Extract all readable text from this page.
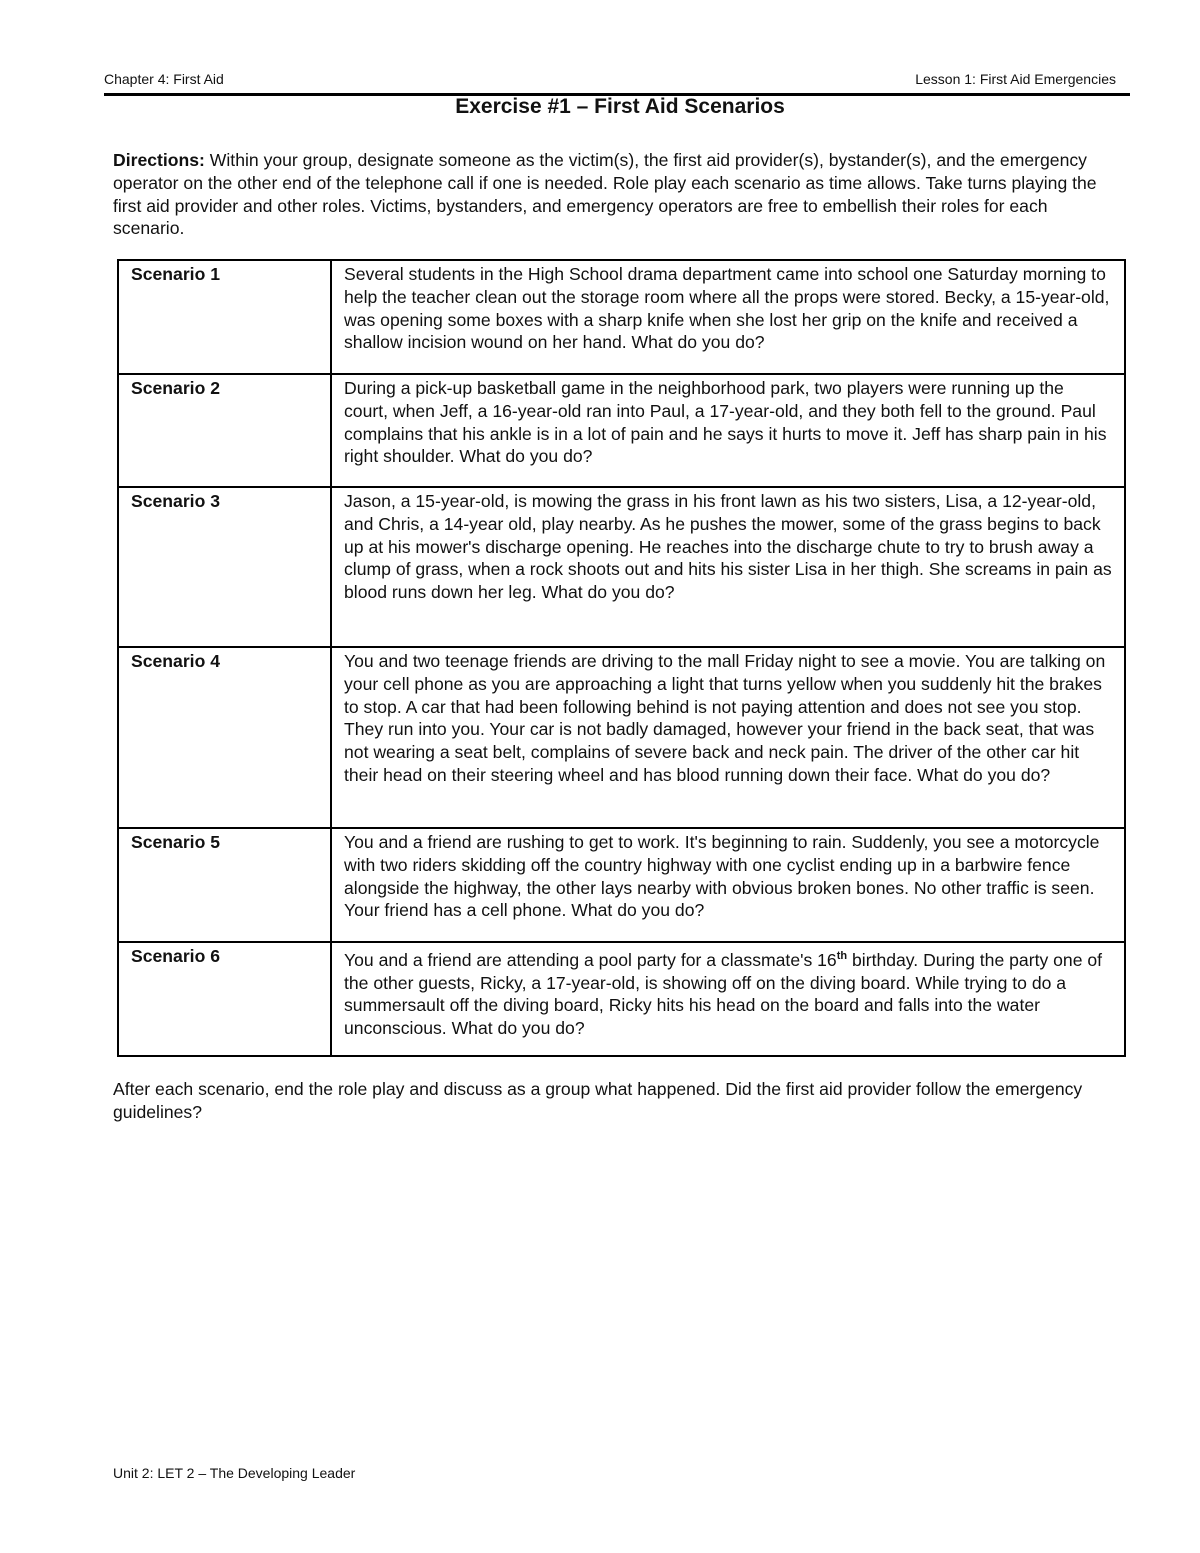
Chapter 4: First Aid	Lesson 1: First Aid Emergencies
Exercise #1 – First Aid Scenarios
Directions: Within your group, designate someone as the victim(s), the first aid provider(s), bystander(s), and the emergency operator on the other end of the telephone call if one is needed. Role play each scenario as time allows. Take turns playing the first aid provider and other roles. Victims, bystanders, and emergency operators are free to embellish their roles for each scenario.
Scenario 1	Several students in the High School drama department came into school one Saturday morning to help the teacher clean out the storage room where all the props were stored. Becky, a 15-year-old, was opening some boxes with a sharp knife when she lost her grip on the knife and received a shallow incision wound on her hand. What do you do?
Scenario 2	During a pick-up basketball game in the neighborhood park, two players were running up the court, when Jeff, a 16-year-old ran into Paul, a 17-year-old, and they both fell to the ground. Paul complains that his ankle is in a lot of pain and he says it hurts to move it. Jeff has sharp pain in his right shoulder. What do you do?
Scenario 3	Jason, a 15-year-old, is mowing the grass in his front lawn as his two sisters, Lisa, a 12-year-old, and Chris, a 14-year old, play nearby. As he pushes the mower, some of the grass begins to back up at his mower's discharge opening. He reaches into the discharge chute to try to brush away a clump of grass, when a rock shoots out and hits his sister Lisa in her thigh. She screams in pain as blood runs down her leg. What do you do?
Scenario 4	You and two teenage friends are driving to the mall Friday night to see a movie. You are talking on your cell phone as you are approaching a light that turns yellow when you suddenly hit the brakes to stop. A car that had been following behind is not paying attention and does not see you stop. They run into you. Your car is not badly damaged, however your friend in the back seat, that was not wearing a seat belt, complains of severe back and neck pain. The driver of the other car hit their head on their steering wheel and has blood running down their face. What do you do?
Scenario 5	You and a friend are rushing to get to work. It's beginning to rain. Suddenly, you see a motorcycle with two riders skidding off the country highway with one cyclist ending up in a barbwire fence alongside the highway, the other lays nearby with obvious broken bones. No other traffic is seen. Your friend has a cell phone. What do you do?
Scenario 6	You and a friend are attending a pool party for a classmate's 16th birthday. During the party one of the other guests, Ricky, a 17-year-old, is showing off on the diving board. While trying to do a summersault off the diving board, Ricky hits his head on the board and falls into the water unconscious. What do you do?
After each scenario, end the role play and discuss as a group what happened. Did the first aid provider follow the emergency guidelines?
Unit 2: LET 2 – The Developing Leader
